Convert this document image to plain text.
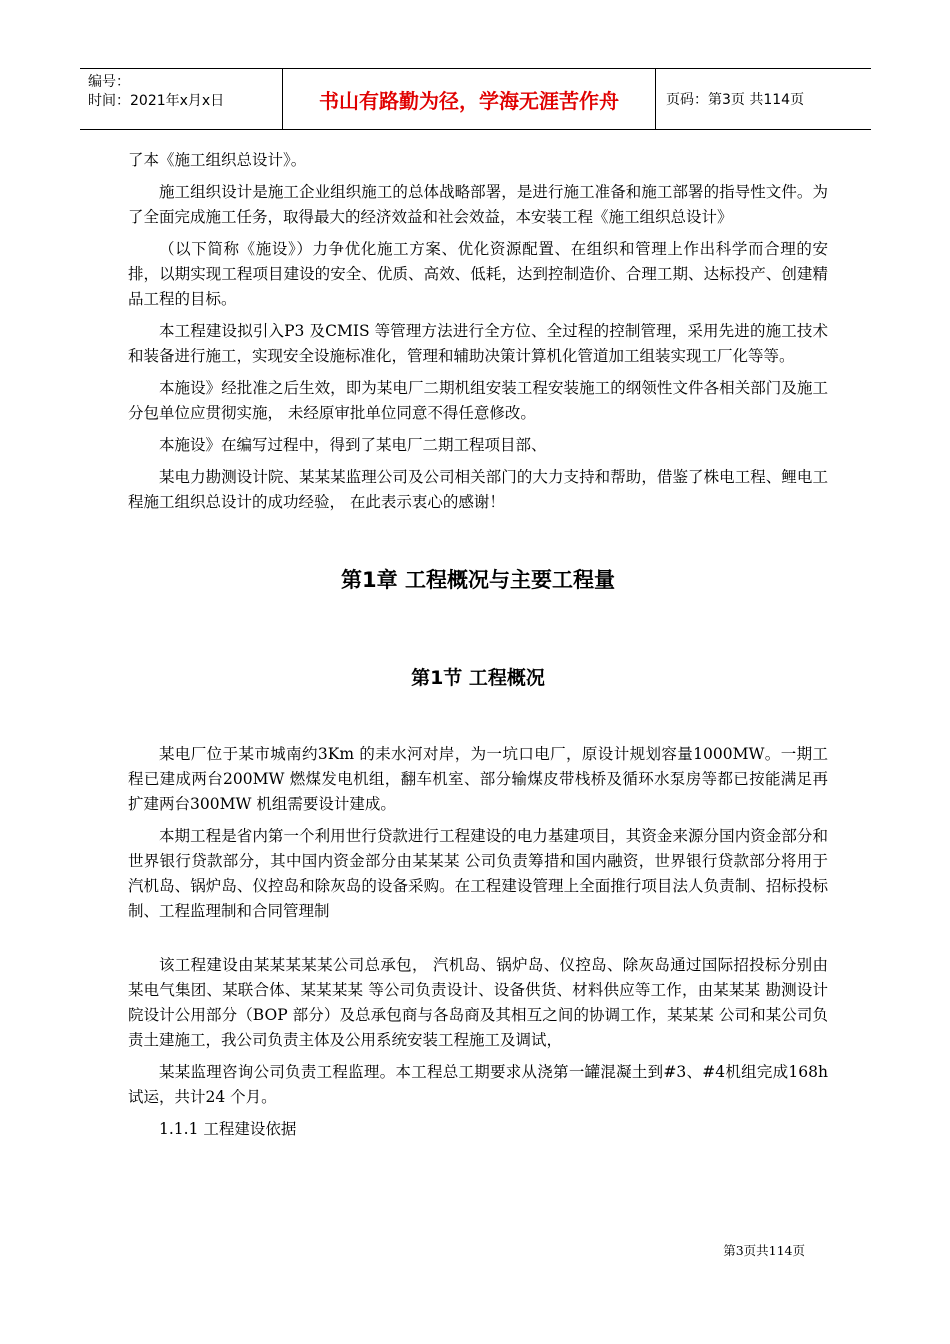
编号：
时间：2021年x月x日	书山有路勤为径，学海无涯苦作舟	页码：第3页 共114页

了本《施工组织总设计》。

施工组织设计是施工企业组织施工的总体战略部署，是进行施工准备和施工部署的指导性文件。为了全面完成施工任务，取得最大的经济效益和社会效益，本安装工程《施工组织总设计》

（以下简称《施设》）力争优化施工方案、优化资源配置、在组织和管理上作出科学而合理的安排，以期实现工程项目建设的安全、优质、高效、低耗，达到控制造价、合理工期、达标投产、创建精品工程的目标。

本工程建设拟引入P3 及CMIS 等管理方法进行全方位、全过程的控制管理，采用先进的施工技术和装备进行施工，实现安全设施标准化，管理和辅助决策计算机化管道加工组装实现工厂化等等。

本施设》经批准之后生效，即为某电厂二期机组安装工程安装施工的纲领性文件各相关部门及施工分包单位应贯彻实施， 未经原审批单位同意不得任意修改。

本施设》在编写过程中，得到了某电厂二期工程项目部、

某电力勘测设计院、某某某监理公司及公司相关部门的大力支持和帮助，借鉴了株电工程、鲤电工程施工组织总设计的成功经验， 在此表示衷心的感谢！

第1章 工程概况与主要工程量
第1节 工程概况

某电厂位于某市城南约3Km 的耒水河对岸，为一坑口电厂，原设计规划容量1000MW。一期工程已建成两台200MW 燃煤发电机组，翻车机室、部分输煤皮带栈桥及循环水泵房等都已按能满足再扩建两台300MW 机组需要设计建成。

本期工程是省内第一个利用世行贷款进行工程建设的电力基建项目，其资金来源分国内资金部分和世界银行贷款部分，其中国内资金部分由某某某 公司负责筹措和国内融资，世界银行贷款部分将用于汽机岛、锅炉岛、仪控岛和除灰岛的设备采购。在工程建设管理上全面推行项目法人负责制、招标投标制、工程监理制和合同管理制

该工程建设由某某某某某公司总承包， 汽机岛、锅炉岛、仪控岛、除灰岛通过国际招投标分别由某电气集团、某联合体、某某某某 等公司负责设计、设备供货、材料供应等工作，由某某某 勘测设计院设计公用部分（BOP 部分）及总承包商与各岛商及其相互之间的协调工作，某某某 公司和某公司负责土建施工，我公司负责主体及公用系统安装工程施工及调试，

某某监理咨询公司负责工程监理。本工程总工期要求从浇第一罐混凝土到#3、#4机组完成168h 试运，共计24 个月。

1.1.1 工程建设依据

第3页共114页
